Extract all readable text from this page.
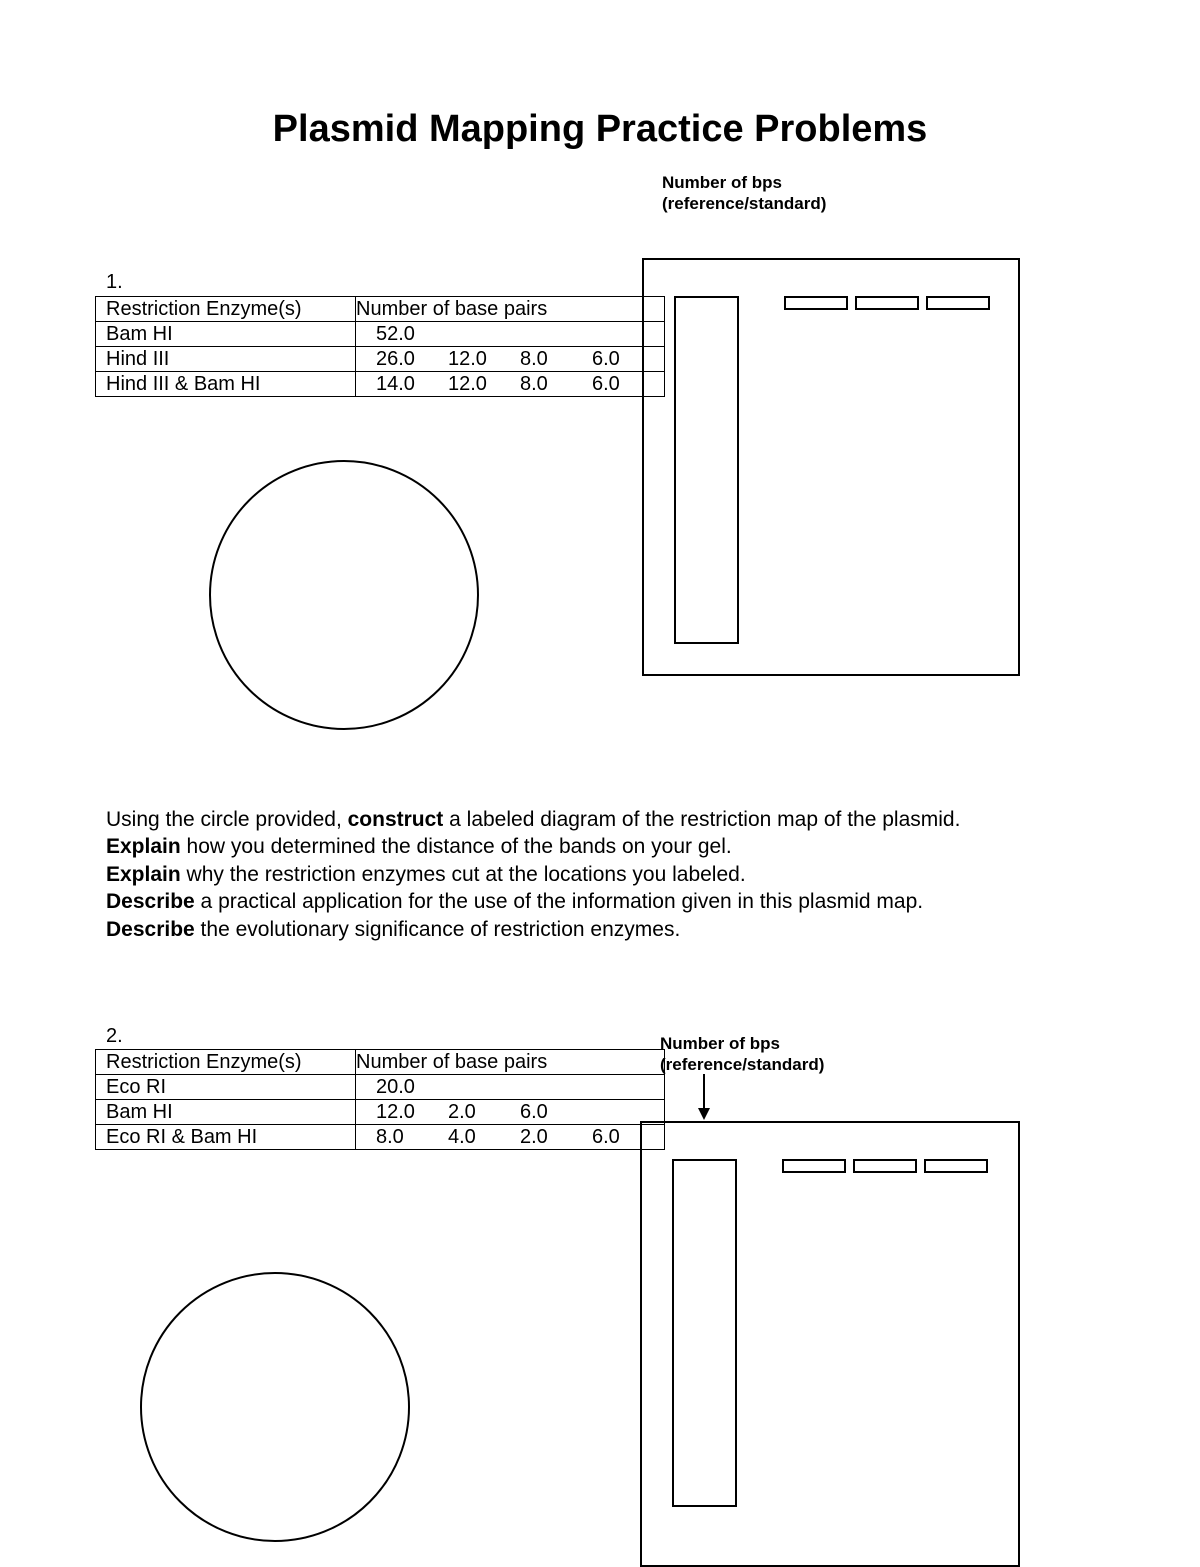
Plasmid Mapping Practice Problems
Number of bps
(reference/standard)
1.
Restriction Enzyme(s)	Number of base pairs
Bam HI	52.0

Hind III	26.0 12.0 8.0 6.0

Hind III & Bam HI	14.0 12.0 8.0 6.0
Using the circle provided, construct a labeled diagram of the restriction map of the plasmid.
Explain how you determined the distance of the bands on your gel.
Explain why the restriction enzymes cut at the locations you labeled.
Describe a practical application for the use of the information given in this plasmid map.
Describe the evolutionary significance of restriction enzymes.
2.	Number of bps
(reference/standard)
Restriction Enzyme(s)	Number of base pairs
Eco RI	20.0

Bam HI	12.0 2.0 6.0

Eco RI & Bam HI	8.0 4.0 2.0 6.0
